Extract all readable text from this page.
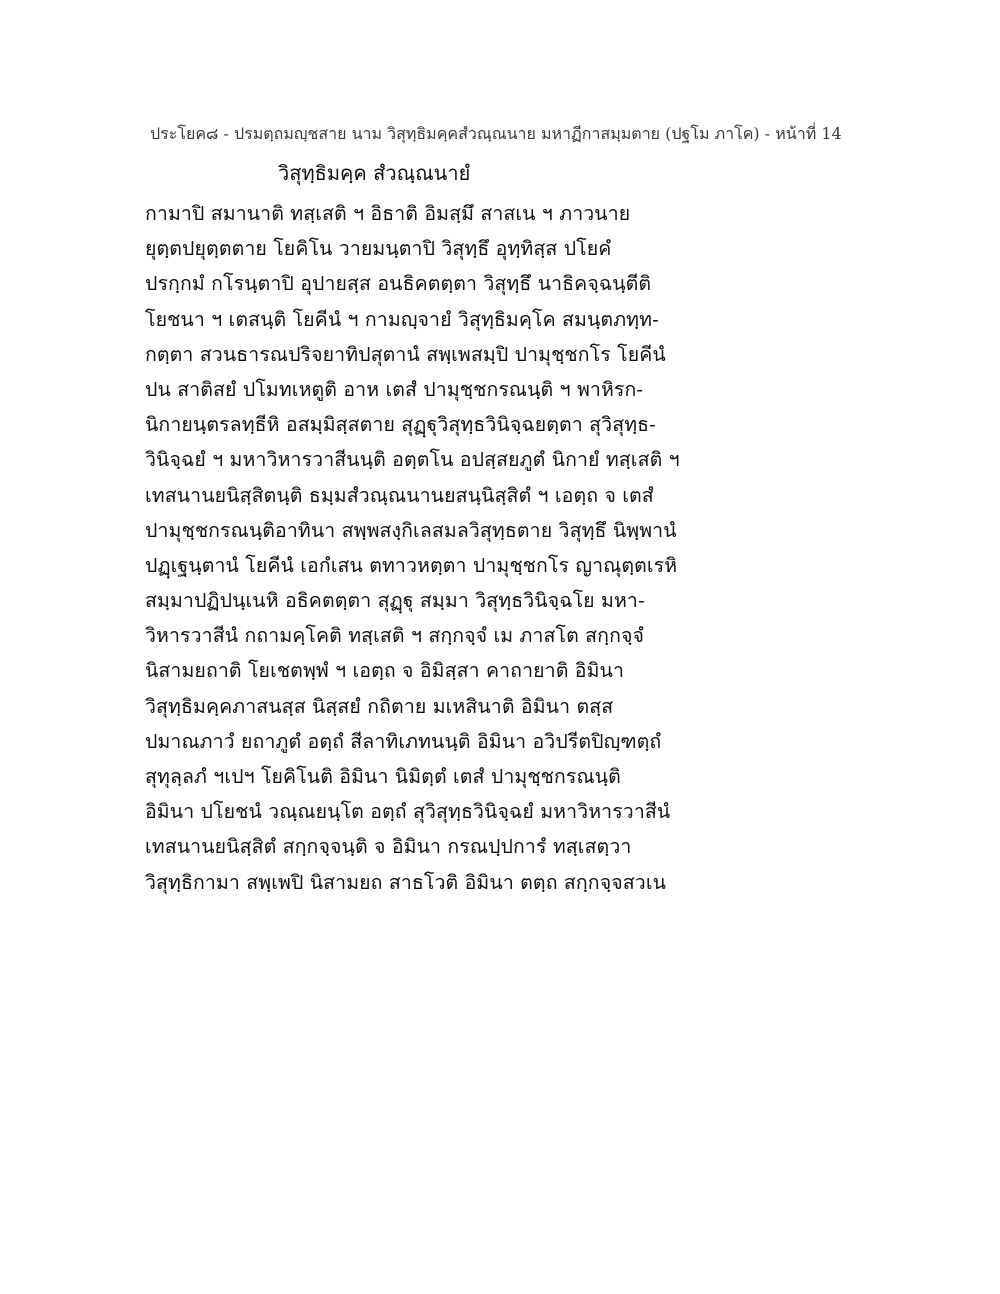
ประโยค๘ - ปรมตฺถมญฺชสาย นาม วิสุทฺธิมคฺคสํวณฺณนาย มหาฏีกาสมฺมตาย (ปฐโม ภาโค) - หน้าที่ 14
วิสุทฺธิมคฺค สํวณฺณนายํ
กามาปิ สมานาติ ทสฺเสติ ฯ อิธาติ อิมสฺมึ สาสเน ฯ ภาวนาย
ยุตฺตปยุตฺตตาย โยคิโน วายมนฺตาปิ วิสุทฺธึ อุทฺทิสฺส ปโยคํ
ปรกฺกมํ กโรนฺตาปิ อุปายสฺส อนธิคตตฺตา วิสุทฺธึ นาธิคจฺฉนฺตีติ
โยชนา ฯ เตสนฺติ โยคีนํ ฯ กามญฺจายํ วิสุทฺธิมคฺโค สมนฺตภทฺท-
กตฺตา สวนธารณปริจยาทิปสุตานํ สพฺเพสมฺปิ ปามุชฺชกโร โยคีนํ
ปน สาติสยํ ปโมทเหตูติ อาห เตสํ ปามุชฺชกรณนฺติ ฯ พาหิรก-
นิกายนฺตรลทฺธีหิ อสมฺมิสฺสตาย สุฏฺฐุวิสุทฺธวินิจฺฉยตฺตา สุวิสุทฺธ-
วินิจฺฉยํ ฯ มหาวิหารวาสีนนฺติ อตฺตโน อปสฺสยภูตํ นิกายํ ทสฺเสติ ฯ
เทสนานยนิสฺสิตนฺติ ธมฺมสํวณฺณนานยสนฺนิสฺสิตํ ฯ เอตฺถ จ เตสํ
ปามุชฺชกรณนฺติอาทินา สพฺพสงฺกิเลสมลวิสุทฺธตาย วิสุทฺธึ นิพฺพานํ
ปฏฺเฐนฺตานํ โยคีนํ เอกํเสน ตทาวหตฺตา ปามุชฺชกโร ญาณุตฺตเรหิ
สมฺมาปฏิปนฺเนหิ อธิคตตฺตา สุฏฺฐุ สมฺมา วิสุทฺธวินิจฺฉโย มหา-
วิหารวาสีนํ กถามคฺโคติ ทสฺเสติ ฯ สกฺกจฺจํ เม ภาสโต สกฺกจฺจํ
นิสามยถาติ โยเชตพฺพํ ฯ เอตฺถ จ อิมิสฺสา คาถายาติ อิมินา
วิสุทฺธิมคฺคภาสนสฺส นิสฺสยํ กถิตาย มเหสินาติ อิมินา ตสฺส
ปมาณภาวํ ยถาภูตํ อตฺถํ สีลาทิเภทนนฺติ อิมินา อวิปรีตปิญฺฑตฺถํ
สุทุลฺลภํ ฯเปฯ โยคิโนติ อิมินา นิมิตฺตํ เตสํ ปามุชฺชกรณนฺติ
อิมินา ปโยชนํ วณฺณยนฺโต อตฺถํ สุวิสุทฺธวินิจฺฉยํ มหาวิหารวาสีนํ
เทสนานยนิสฺสิตํ สกฺกจฺจนฺติ จ อิมินา กรณปฺปการํ ทสฺเสตฺวา
วิสุทฺธิกามา สพฺเพปิ นิสามยถ สาธโวติ อิมินา ตตฺถ สกฺกจฺจสวเน
